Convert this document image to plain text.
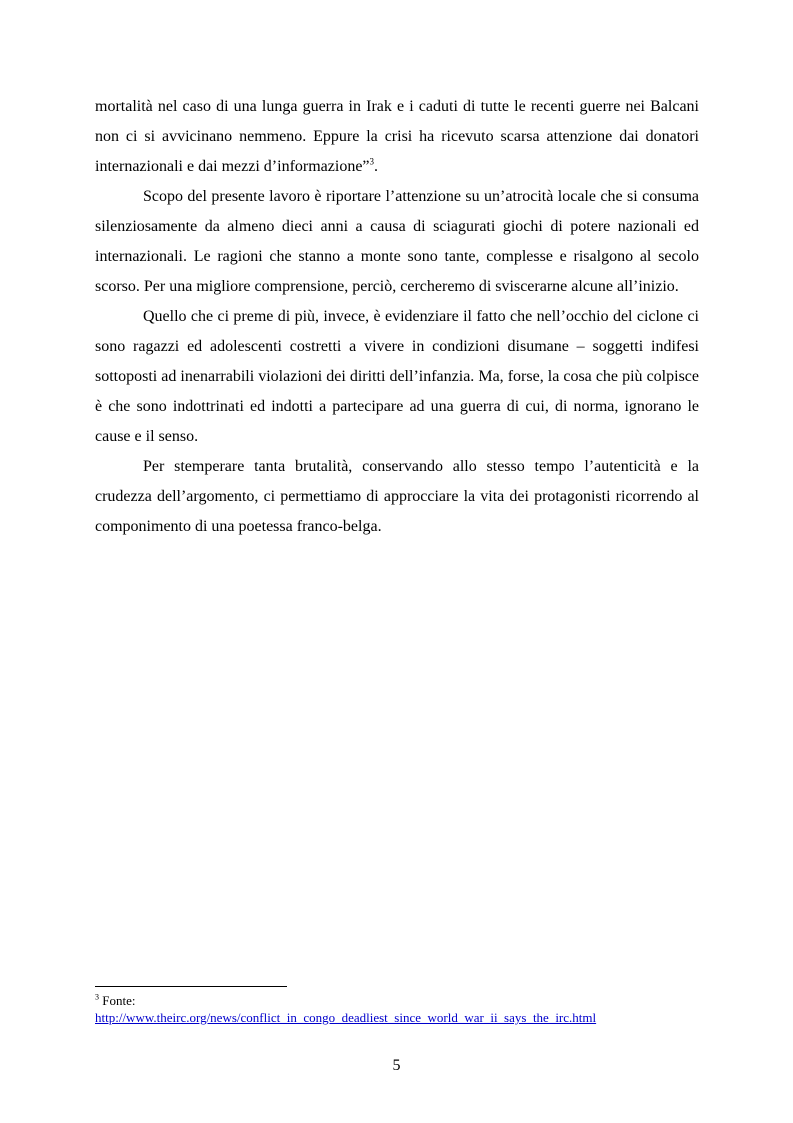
mortalità nel caso di una lunga guerra in Irak e i caduti di tutte le recenti guerre nei Balcani non ci si avvicinano nemmeno. Eppure la crisi ha ricevuto scarsa attenzione dai donatori internazionali e dai mezzi d’informazione”$^3$.

Scopo del presente lavoro è riportare l’attenzione su un’atrocità locale che si consuma silenziosamente da almeno dieci anni a causa di sciagurati giochi di potere nazionali ed internazionali. Le ragioni che stanno a monte sono tante, complesse e risalgono al secolo scorso. Per una migliore comprensione, perciò, cercheremo di sviscerarne alcune all’inizio.

Quello che ci preme di più, invece, è evidenziare il fatto che nell’occhio del ciclone ci sono ragazzi ed adolescenti costretti a vivere in condizioni disumane – soggetti indifesi sottoposti ad inenarrabili violazioni dei diritti dell’infanzia. Ma, forse, la cosa che più colpisce è che sono indottrinati ed indotti a partecipare ad una guerra di cui, di norma, ignorano le cause e il senso.

Per stemperare tanta brutalità, conservando allo stesso tempo l’autenticità e la crudezza dell’argomento, ci permettiamo di approcciare la vita dei protagonisti ricorrendo al componimento di una poetessa franco-belga.

$^3$ Fonte:
http://www.theirc.org/news/conflict_in_congo_deadliest_since_world_war_ii_says_the_irc.html
5
